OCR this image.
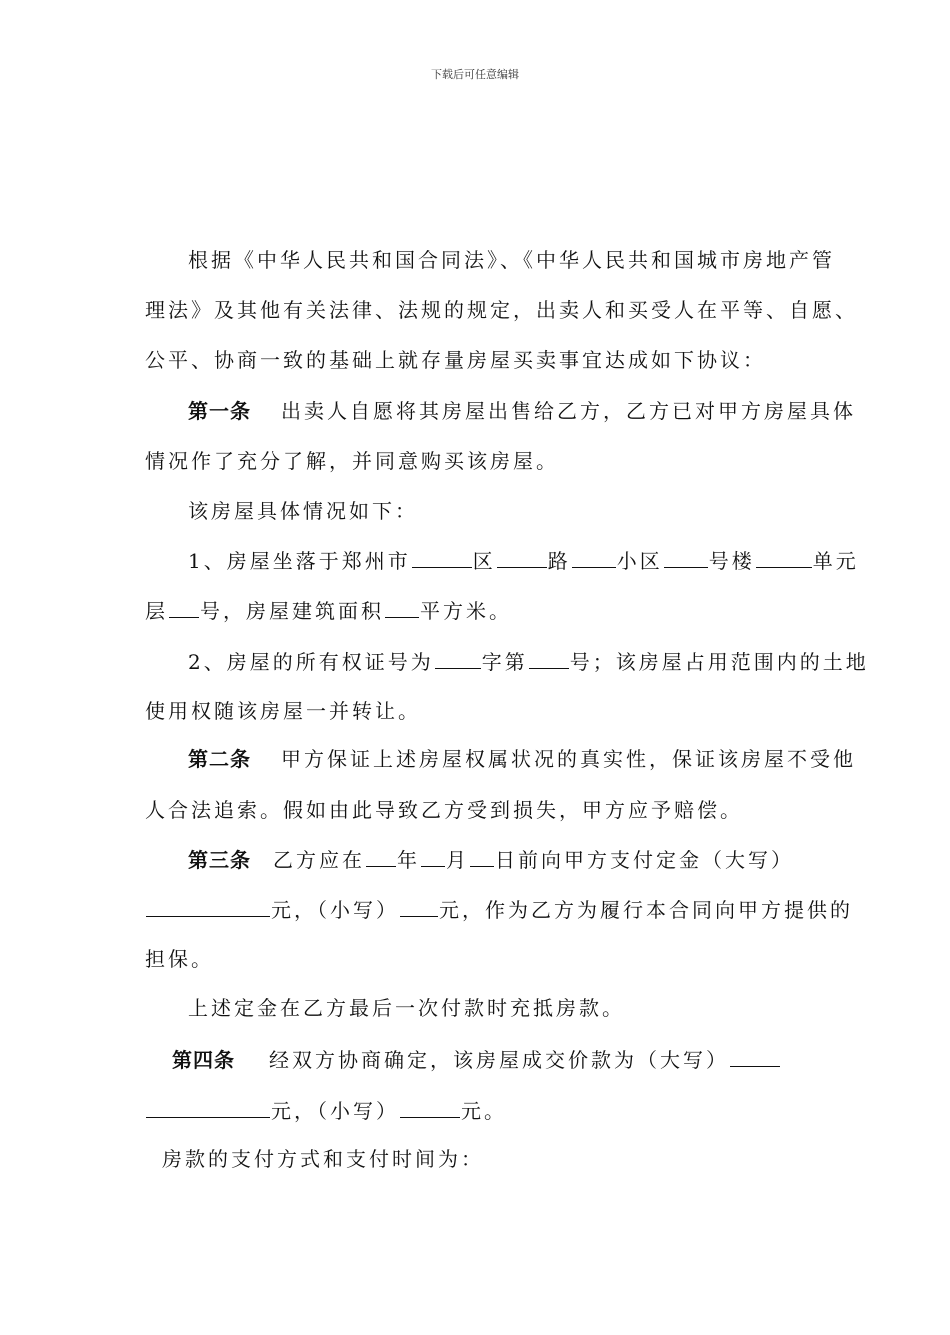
下载后可任意编辑
根据《中华人民共和国合同法》、《中华人民共和国城市房地产管
理法》及其他有关法律、法规的规定，出卖人和买受人在平等、自愿、
公平、协商一致的基础上就存量房屋买卖事宜达成如下协议：
第一条 出卖人自愿将其房屋出售给乙方，乙方已对甲方房屋具体
情况作了充分了解，并同意购买该房屋。
该房屋具体情况如下：
1、房屋坐落于郑州市	区	路 小区 号楼	单元
层 号，房屋建筑面积 平方米。
2、房屋的所有权证号为 字第 号；该房屋占用范围内的土地
使用权随该房屋一并转让。
第二条 甲方保证上述房屋权属状况的真实性，保证该房屋不受他
人合法追索。假如由此导致乙方受到损失，甲方应予赔偿。
第三条 乙方应在 年 月 日前向甲方支付定金（大写）
元，（小写） 元，作为乙方为履行本合同向甲方提供的
担保。
上述定金在乙方最后一次付款时充抵房款。
第四条 经双方协商确定，该房屋成交价款为（大写）
元，（小写）	元。
房款的支付方式和支付时间为：
